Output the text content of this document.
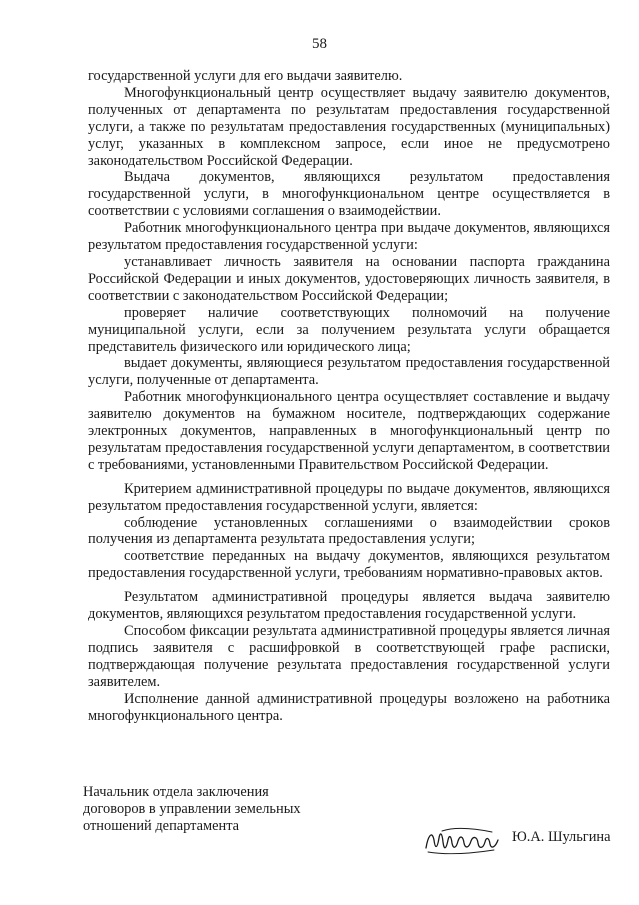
58

государственной услуги для его выдачи заявителю.

Многофункциональный центр осуществляет выдачу заявителю документов, полученных от департамента по результатам предоставления государственной услуги, а также по результатам предоставления государственных (муниципальных) услуг, указанных в комплексном запросе, если иное не предусмотрено законодательством Российской Федерации.

Выдача документов, являющихся результатом предоставления государственной услуги, в многофункциональном центре осуществляется в соответствии с условиями соглашения о взаимодействии.

Работник многофункционального центра при выдаче документов, являющихся результатом предоставления государственной услуги:

устанавливает личность заявителя на основании паспорта гражданина Российской Федерации и иных документов, удостоверяющих личность заявителя, в соответствии с законодательством Российской Федерации;

проверяет наличие соответствующих полномочий на получение муниципальной услуги, если за получением результата услуги обращается представитель физического или юридического лица;

выдает документы, являющиеся результатом предоставления государственной услуги, полученные от департамента.

Работник многофункционального центра осуществляет составление и выдачу заявителю документов на бумажном носителе, подтверждающих содержание электронных документов, направленных в многофункциональный центр по результатам предоставления государственной услуги департаментом, в соответствии с требованиями, установленными Правительством Российской Федерации.

Критерием административной процедуры по выдаче документов, являющихся результатом предоставления государственной услуги, является:

соблюдение установленных соглашениями о взаимодействии сроков получения из департамента результата предоставления услуги;

соответствие переданных на выдачу документов, являющихся результатом предоставления государственной услуги, требованиям нормативно-правовых актов.

Результатом административной процедуры является выдача заявителю документов, являющихся результатом предоставления государственной услуги.

Способом фиксации результата административной процедуры является личная подпись заявителя с расшифровкой в соответствующей графе расписки, подтверждающая получение результата предоставления государственной услуги заявителем.

Исполнение данной административной процедуры возложено на работника многофункционального центра.

Начальник отдела заключения
договоров в управлении земельных
отношений департамента
Ю.А. Шульгина
